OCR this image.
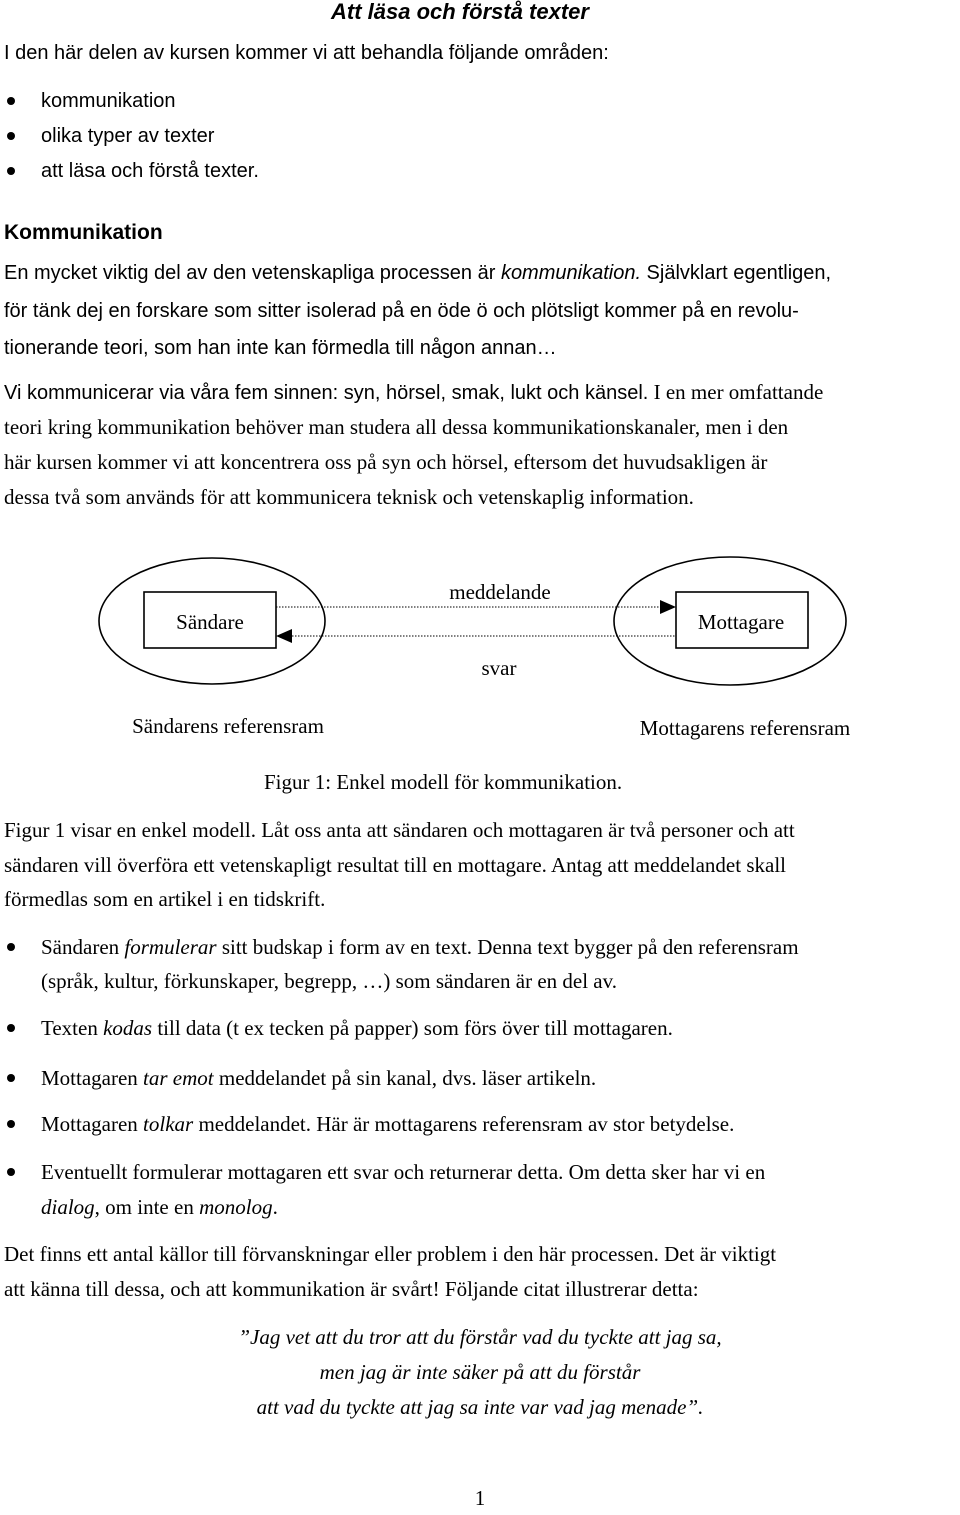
Att läsa och förstå texter
I den här delen av kursen kommer vi att behandla följande områden:
kommunikation
olika typer av texter
att läsa och förstå texter.
Kommunikation
En mycket viktig del av den vetenskapliga processen är kommunikation. Självklart egentligen,
för tänk dej en forskare som sitter isolerad på en öde ö och plötsligt kommer på en revolu-
tionerande teori, som han inte kan förmedla till någon annan…
Vi kommunicerar via våra fem sinnen: syn, hörsel, smak, lukt och känsel. I en mer omfattande
teori kring kommunikation behöver man studera all dessa kommunikationskanaler, men i den
här kursen kommer vi att koncentrera oss på syn och hörsel, eftersom det huvudsakligen är
dessa två som används för att kommunicera teknisk och vetenskaplig information.
Sändare	Mottagare
meddelande
svar
Sändarens referensram	Mottagarens referensram
Figur 1: Enkel modell för kommunikation.
Figur 1 visar en enkel modell. Låt oss anta att sändaren och mottagaren är två personer och att
sändaren vill överföra ett vetenskapligt resultat till en mottagare. Antag att meddelandet skall
förmedlas som en artikel i en tidskrift.
Sändaren formulerar sitt budskap i form av en text. Denna text bygger på den referensram
(språk, kultur, förkunskaper, begrepp, …) som sändaren är en del av.
Texten kodas till data (t ex tecken på papper) som förs över till mottagaren.
Mottagaren tar emot meddelandet på sin kanal, dvs. läser artikeln.
Mottagaren tolkar meddelandet. Här är mottagarens referensram av stor betydelse.
Eventuellt formulerar mottagaren ett svar och returnerar detta. Om detta sker har vi en
dialog, om inte en monolog.
Det finns ett antal källor till förvanskningar eller problem i den här processen. Det är viktigt
att känna till dessa, och att kommunikation är svårt! Följande citat illustrerar detta:
”Jag vet att du tror att du förstår vad du tyckte att jag sa,
men jag är inte säker på att du förstår
att vad du tyckte att jag sa inte var vad jag menade”.
1
